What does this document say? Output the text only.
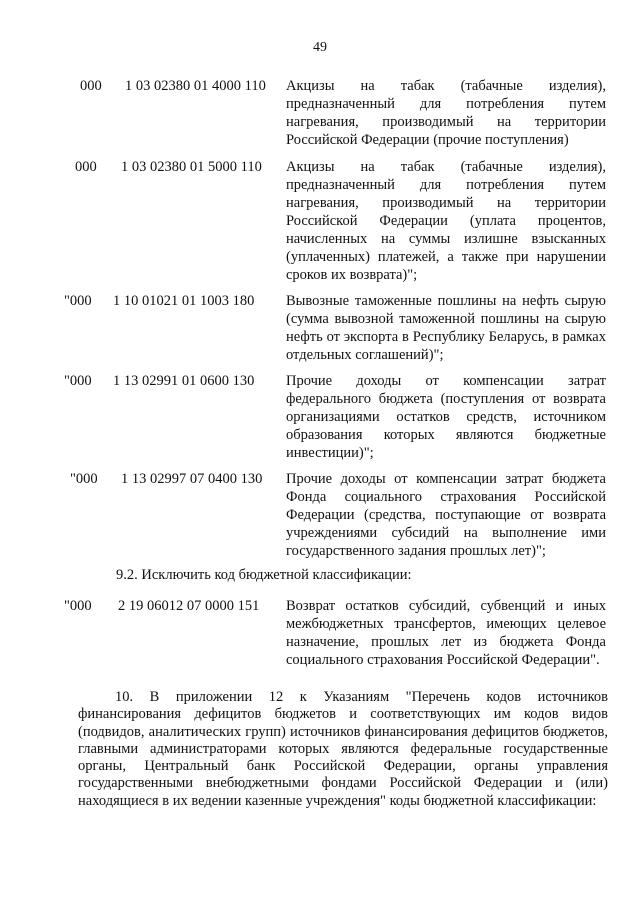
49
000 1 03 02380 01 4000 110 Акцизы на табак (табачные изделия), предназначенный для потребления путем нагревания, производимый на территории Российской Федерации (прочие поступления)
000 1 03 02380 01 5000 110 Акцизы на табак (табачные изделия), предназначенный для потребления путем нагревания, производимый на территории Российской Федерации (уплата процентов, начисленных на суммы излишне взысканных (уплаченных) платежей, а также при нарушении сроков их возврата)";
"000 1 10 01021 01 1003 180 Вывозные таможенные пошлины на нефть сырую (сумма вывозной таможенной пошлины на сырую нефть от экспорта в Республику Беларусь, в рамках отдельных соглашений)";
"000 1 13 02991 01 0600 130 Прочие доходы от компенсации затрат федерального бюджета (поступления от возврата организациями остатков средств, источником образования которых являются бюджетные инвестиции)";
"000 1 13 02997 07 0400 130 Прочие доходы от компенсации затрат бюджета Фонда социального страхования Российской Федерации (средства, поступающие от возврата учреждениями субсидий на выполнение ими государственного задания прошлых лет)";
9.2. Исключить код бюджетной классификации:
"000 2 19 06012 07 0000 151 Возврат остатков субсидий, субвенций и иных межбюджетных трансфертов, имеющих целевое назначение, прошлых лет из бюджета Фонда социального страхования Российской Федерации".
10. В приложении 12 к Указаниям "Перечень кодов источников финансирования дефицитов бюджетов и соответствующих им кодов видов (подвидов, аналитических групп) источников финансирования дефицитов бюджетов, главными администраторами которых являются федеральные государственные органы, Центральный банк Российской Федерации, органы управления государственными внебюджетными фондами Российской Федерации и (или) находящиеся в их ведении казенные учреждения" коды бюджетной классификации:
